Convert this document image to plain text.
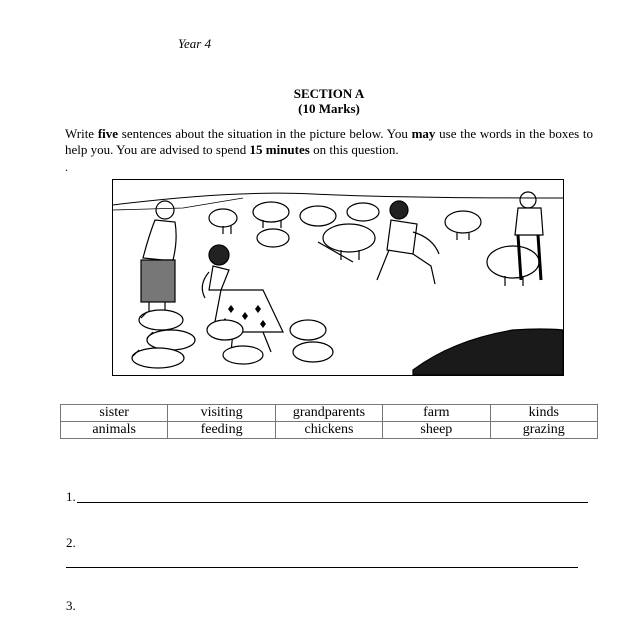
Year 4
SECTION A
(10 Marks)
Write five sentences about the situation in the picture below. You may use the words in the boxes to help you. You are advised to spend 15 minutes on this question.
.
sister	visiting	grandparents	farm	kinds
animals	feeding	chickens	sheep	grazing
1.
2.
3.
